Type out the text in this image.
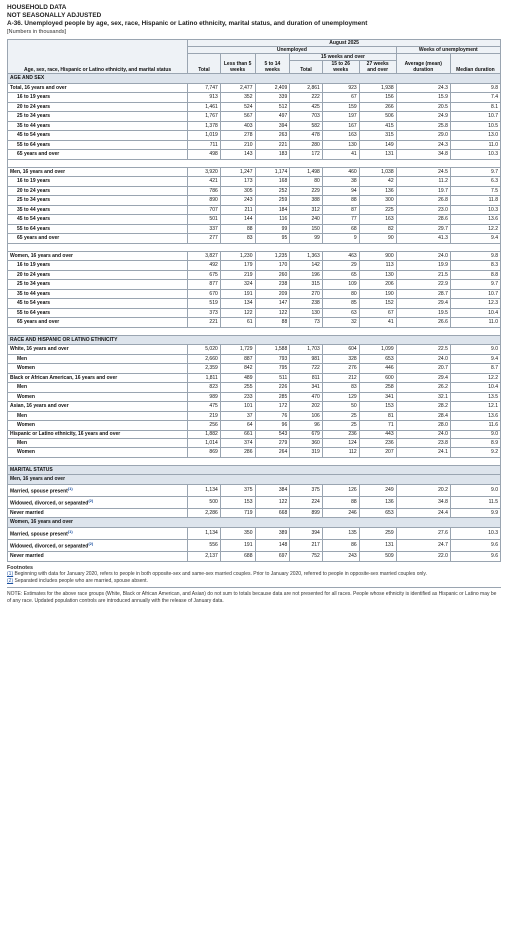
HOUSEHOLD DATA
NOT SEASONALLY ADJUSTED
A-36. Unemployed people by age, sex, race, Hispanic or Latino ethnicity, marital status, and duration of unemployment
[Numbers in thousands]
Age, sex, race, Hispanic or Latino ethnicity, and marital status	August 2025							
	Unemployed						Weeks of unemployment	
	Total	Less than 5 weeks	5 to 14 weeks	15 weeks and over			Average (mean) duration	Median duration
				Total	15 to 26 weeks	27 weeks and over		
AGE AND SEX								
Total, 16 years and over	7,747	2,477	2,409	2,861	923	1,938	24.3	9.8
16 to 19 years	913	352	339	222	67	156	15.9	7.4
20 to 24 years	1,461	524	512	425	159	266	20.5	8.1
25 to 34 years	1,767	567	497	703	197	506	24.9	10.7
35 to 44 years	1,378	403	394	582	167	415	25.8	10.5
45 to 54 years	1,019	278	263	478	163	315	29.0	13.0
55 to 64 years	711	210	221	280	130	149	24.3	11.0
65 years and over	498	143	183	172	41	131	34.8	10.3

Men, 16 years and over	3,920	1,247	1,174	1,498	460	1,038	24.5	9.7
16 to 19 years	421	173	168	80	38	42	11.2	6.3
20 to 24 years	786	305	252	229	94	136	19.7	7.5
25 to 34 years	890	243	259	388	88	300	26.8	11.8
35 to 44 years	707	211	184	312	87	225	23.0	10.3
45 to 54 years	501	144	116	240	77	163	28.6	13.6
55 to 64 years	337	88	99	150	68	82	29.7	12.2
65 years and over	277	83	95	99	9	90	41.3	9.4

Women, 16 years and over	3,827	1,230	1,235	1,363	463	900	24.0	9.8
16 to 19 years	492	179	170	142	29	113	19.9	8.3
20 to 24 years	675	219	260	196	65	130	21.5	8.8
25 to 34 years	877	324	238	315	109	206	22.9	9.7
35 to 44 years	670	191	209	270	80	190	28.7	10.7
45 to 54 years	519	134	147	238	85	152	29.4	12.3
55 to 64 years	373	122	122	130	63	67	19.5	10.4
65 years and over	221	61	88	73	32	41	26.6	11.0

RACE AND HISPANIC OR LATINO ETHNICITY								
White, 16 years and over	5,020	1,729	1,588	1,703	604	1,099	22.5	9.0
Men	2,660	887	793	981	328	653	24.0	9.4
Women	2,359	842	795	722	276	446	20.7	8.7
Black or African American, 16 years and over	1,811	489	511	811	212	600	29.4	12.2
Men	823	255	226	341	83	258	26.2	10.4
Women	989	233	285	470	129	341	32.1	13.5
Asian, 16 years and over	475	101	172	202	50	153	28.2	12.1
Men	219	37	76	106	25	81	28.4	13.6
Women	256	64	96	96	25	71	28.0	11.6
Hispanic or Latino ethnicity, 16 years and over	1,882	661	543	679	236	443	24.0	9.0
Men	1,014	374	279	360	124	236	23.8	8.9
Women	869	286	264	319	112	207	24.1	9.2

MARITAL STATUS								
Men, 16 years and over								
Married, spouse present$^{(1)}$	1,134	375	384	375	126	249	20.2	9.0
Widowed, divorced, or separated$^{(2)}$	500	153	122	224	88	136	34.8	11.5
Never married	2,286	719	668	899	246	653	24.4	9.9
Women, 16 years and over								
Married, spouse present$^{(1)}$	1,134	350	389	394	135	259	27.6	10.3
Widowed, divorced, or separated$^{(2)}$	556	191	148	217	86	131	24.7	9.6
Never married	2,137	688	697	752	243	509	22.0	9.6
Footnotes
(1) Beginning with data for January 2020, refers to people in both opposite-sex and same-sex married couples. Prior to January 2020, referred to people in opposite-sex married couples only.
(2) Separated includes people who are married, spouse absent.
NOTE: Estimates for the above race groups (White, Black or African American, and Asian) do not sum to totals because data are not presented for all races. People whose ethnicity is identified as Hispanic or Latino may be of any race. Updated population controls are introduced annually with the release of January data.
